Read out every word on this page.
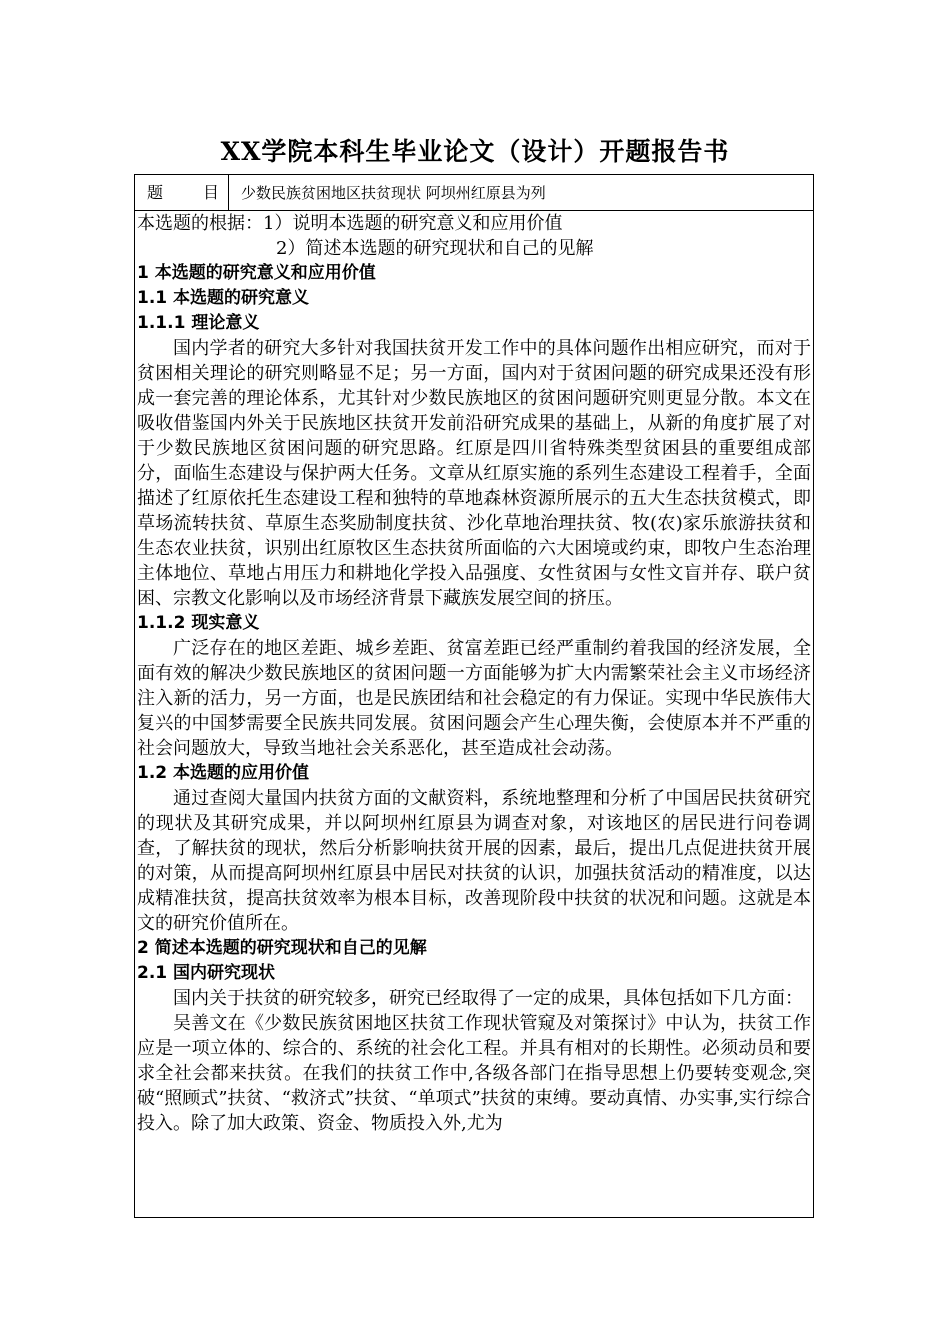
XX学院本科生毕业论文（设计）开题报告书
题 目 少数民族贫困地区扶贫现状 阿坝州红原县为列

本选题的根据：1）说明本选题的研究意义和应用价值

2）简述本选题的研究现状和自己的见解

1 本选题的研究意义和应用价值

1.1 本选题的研究意义

1.1.1 理论意义

国内学者的研究大多针对我国扶贫开发工作中的具体问题作出相应研究，而对于贫困相关理论的研究则略显不足；另一方面，国内对于贫困问题的研究成果还没有形成一套完善的理论体系，尤其针对少数民族地区的贫困问题研究则更显分散。本文在吸收借鉴国内外关于民族地区扶贫开发前沿研究成果的基础上，从新的角度扩展了对于少数民族地区贫困问题的研究思路。红原是四川省特殊类型贫困县的重要组成部分，面临生态建设与保护两大任务。文章从红原实施的系列生态建设工程着手，全面描述了红原依托生态建设工程和独特的草地森林资源所展示的五大生态扶贫模式，即草场流转扶贫、草原生态奖励制度扶贫、沙化草地治理扶贫、牧(农)家乐旅游扶贫和生态农业扶贫，识别出红原牧区生态扶贫所面临的六大困境或约束，即牧户生态治理主体地位、草地占用压力和耕地化学投入品强度、女性贫困与女性文盲并存、联户贫困、宗教文化影响以及市场经济背景下藏族发展空间的挤压。

1.1.2 现实意义

广泛存在的地区差距、城乡差距、贫富差距已经严重制约着我国的经济发展，全面有效的解决少数民族地区的贫困问题一方面能够为扩大内需繁荣社会主义市场经济注入新的活力，另一方面，也是民族团结和社会稳定的有力保证。实现中华民族伟大复兴的中国梦需要全民族共同发展。贫困问题会产生心理失衡，会使原本并不严重的社会问题放大，导致当地社会关系恶化，甚至造成社会动荡。

1.2 本选题的应用价值

通过查阅大量国内扶贫方面的文献资料，系统地整理和分析了中国居民扶贫研究的现状及其研究成果，并以阿坝州红原县为调查对象，对该地区的居民进行问卷调查，了解扶贫的现状，然后分析影响扶贫开展的因素，最后，提出几点促进扶贫开展的对策，从而提高阿坝州红原县中居民对扶贫的认识，加强扶贫活动的精准度，以达成精准扶贫，提高扶贫效率为根本目标，改善现阶段中扶贫的状况和问题。这就是本文的研究价值所在。

2 简述本选题的研究现状和自己的见解

2.1 国内研究现状

国内关于扶贫的研究较多，研究已经取得了一定的成果，具体包括如下几方面：

吴善文在《少数民族贫困地区扶贫工作现状管窥及对策探讨》中认为，扶贫工作应是一项立体的、综合的、系统的社会化工程。并具有相对的长期性。必须动员和要求全社会都来扶贫。在我们的扶贫工作中,各级各部门在指导思想上仍要转变观念,突破“照顾式”扶贫、“救济式”扶贫、“单项式”扶贫的束缚。要动真情、办实事,实行综合投入。除了加大政策、资金、物质投入外,尤为
